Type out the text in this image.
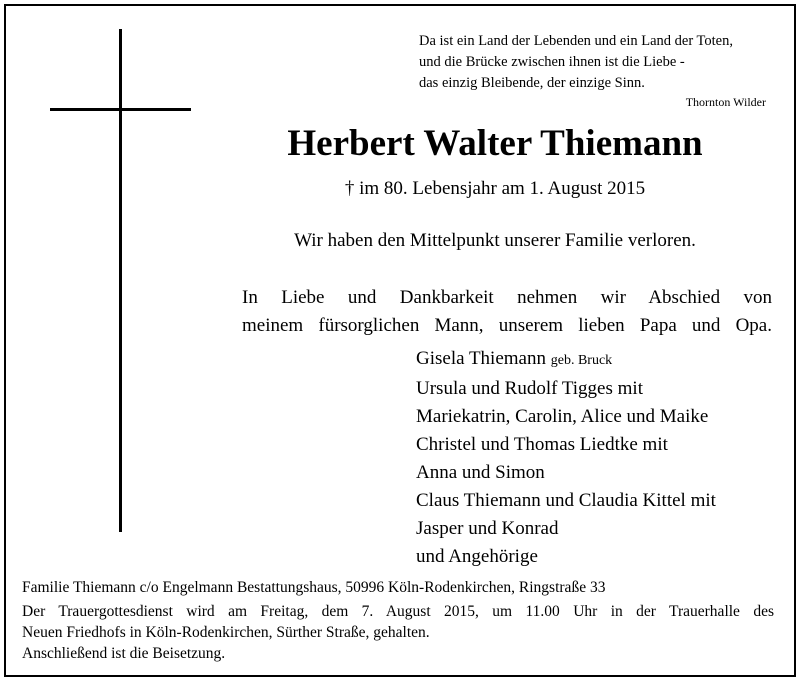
Da ist ein Land der Lebenden und ein Land der Toten,
und die Brücke zwischen ihnen ist die Liebe -
das einzig Bleibende, der einzige Sinn.
Thornton Wilder
Herbert Walter Thiemann
† im 80. Lebensjahr am 1. August 2015
Wir haben den Mittelpunkt unserer Familie verloren.
In Liebe und Dankbarkeit nehmen wir Abschied von
meinem fürsorglichen Mann, unserem lieben Papa und Opa.
Gisela Thiemann geb. Bruck
Ursula und Rudolf Tigges mit
Mariekatrin, Carolin, Alice und Maike
Christel und Thomas Liedtke mit
Anna und Simon
Claus Thiemann und Claudia Kittel mit
Jasper und Konrad
und Angehörige
Familie Thiemann c/o Engelmann Bestattungshaus, 50996 Köln-Rodenkirchen, Ringstraße 33
Der Trauergottesdienst wird am Freitag, dem 7. August 2015, um 11.00 Uhr in der Trauerhalle des
Neuen Friedhofs in Köln-Rodenkirchen, Sürther Straße, gehalten.
Anschließend ist die Beisetzung.
